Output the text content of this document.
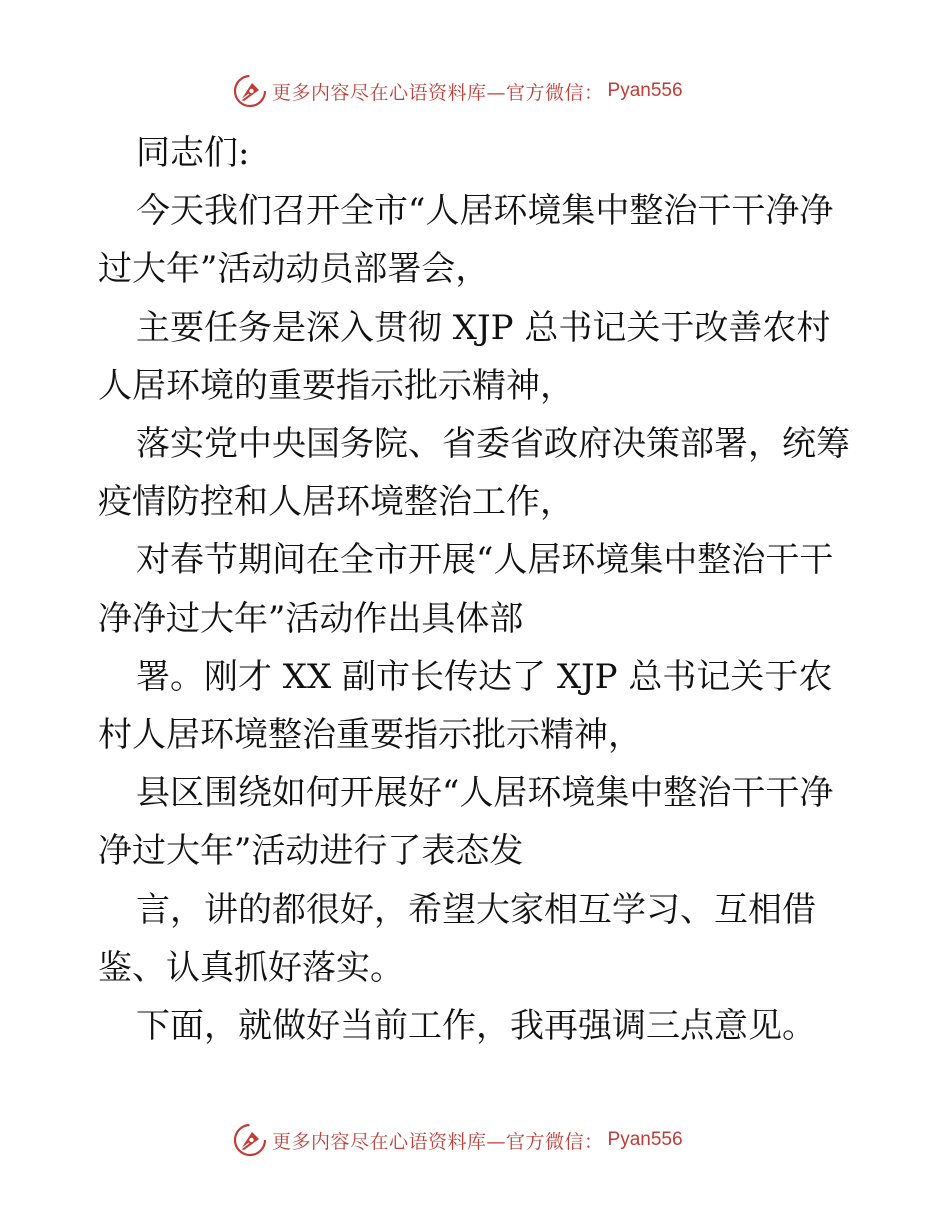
更多内容尽在心语资料库—官方微信： Pyan556

同志们:

今天我们召开全市“人居环境集中整治干干净净过大年”活动动员部署会，

主要任务是深入贯彻 XJP 总书记关于改善农村人居环境的重要指示批示精神，

落实党中央国务院、省委省政府决策部署，统筹疫情防控和人居环境整治工作，

对春节期间在全市开展“人居环境集中整治干干净净过大年”活动作出具体部

署。刚才 XX 副市长传达了 XJP 总书记关于农村人居环境整治重要指示批示精神，

县区围绕如何开展好“人居环境集中整治干干净净过大年”活动进行了表态发

言，讲的都很好，希望大家相互学习、互相借鉴、认真抓好落实。

下面，就做好当前工作，我再强调三点意见。

更多内容尽在心语资料库—官方微信： Pyan556
